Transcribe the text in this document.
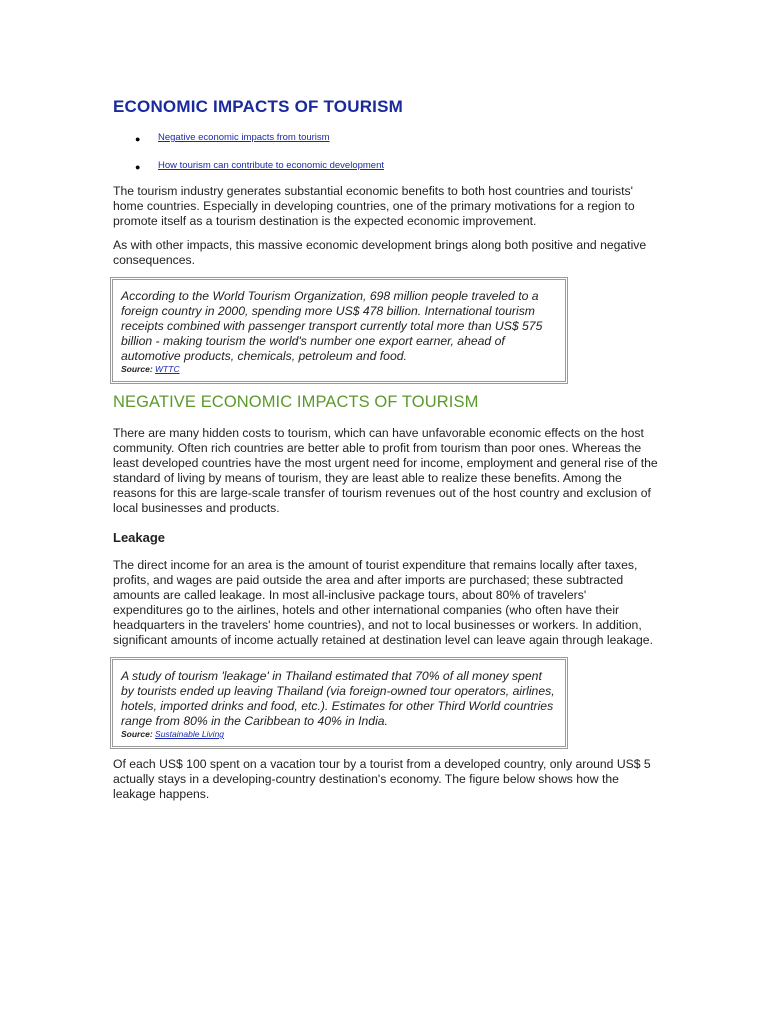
ECONOMIC IMPACTS OF TOURISM
● Negative economic impacts from tourism
● How tourism can contribute to economic development

The tourism industry generates substantial economic benefits to both host countries and tourists' home countries. Especially in developing countries, one of the primary motivations for a region to promote itself as a tourism destination is the expected economic improvement.

As with other impacts, this massive economic development brings along both positive and negative consequences.

According to the World Tourism Organization, 698 million people traveled to a foreign country in 2000, spending more US$ 478 billion. International tourism receipts combined with passenger transport currently total more than US$ 575 billion - making tourism the world's number one export earner, ahead of automotive products, chemicals, petroleum and food.

Source: WTTC
NEGATIVE ECONOMIC IMPACTS OF TOURISM

There are many hidden costs to tourism, which can have unfavorable economic effects on the host community. Often rich countries are better able to profit from tourism than poor ones. Whereas the least developed countries have the most urgent need for income, employment and general rise of the standard of living by means of tourism, they are least able to realize these benefits. Among the reasons for this are large-scale transfer of tourism revenues out of the host country and exclusion of local businesses and products.

Leakage

The direct income for an area is the amount of tourist expenditure that remains locally after taxes, profits, and wages are paid outside the area and after imports are purchased; these subtracted amounts are called leakage. In most all-inclusive package tours, about 80% of travelers' expenditures go to the airlines, hotels and other international companies (who often have their headquarters in the travelers' home countries), and not to local businesses or workers. In addition, significant amounts of income actually retained at destination level can leave again through leakage.

A study of tourism 'leakage' in Thailand estimated that 70% of all money spent by tourists ended up leaving Thailand (via foreign-owned tour operators, airlines, hotels, imported drinks and food, etc.). Estimates for other Third World countries range from 80% in the Caribbean to 40% in India.

Source: Sustainable Living

Of each US$ 100 spent on a vacation tour by a tourist from a developed country, only around US$ 5 actually stays in a developing-country destination's economy. The figure below shows how the leakage happens.
